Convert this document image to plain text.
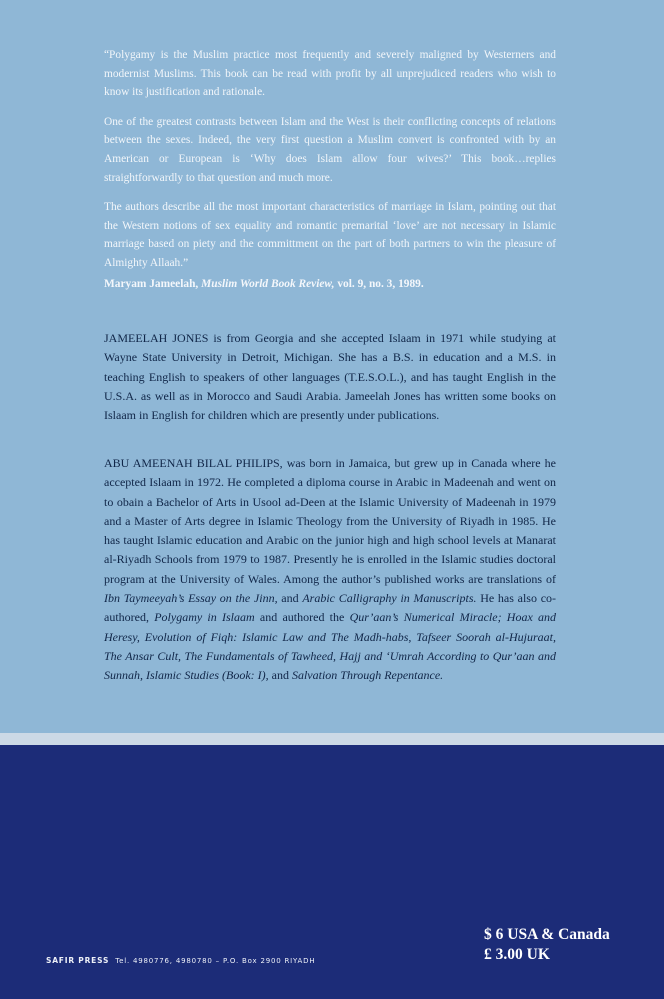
“Polygamy is the Muslim practice most frequently and severely maligned by Westerners and modernist Muslims. This book can be read with profit by all unprejudiced readers who wish to know its justification and rationale.

One of the greatest contrasts between Islam and the West is their conflicting concepts of relations between the sexes. Indeed, the very first question a Muslim convert is confronted with by an American or European is ‘Why does Islam allow four wives?’ This book…replies straightforwardly to that question and much more.

The authors describe all the most important characteristics of marriage in Islam, pointing out that the Western notions of sex equality and romantic premarital ‘love’ are not necessary in Islamic marriage based on piety and the committment on the part of both partners to win the pleasure of Almighty Allaah.”

Maryam Jameelah, Muslim World Book Review, vol. 9, no. 3, 1989.
JAMEELAH JONES is from Georgia and she accepted Islaam in 1971 while studying at Wayne State University in Detroit, Michigan. She has a B.S. in education and a M.S. in teaching English to speakers of other languages (T.E.S.O.L.), and has taught English in the U.S.A. as well as in Morocco and Saudi Arabia. Jameelah Jones has written some books on Islaam in English for children which are presently under publications.
ABU AMEENAH BILAL PHILIPS, was born in Jamaica, but grew up in Canada where he accepted Islaam in 1972. He completed a diploma course in Arabic in Madeenah and went on to obain a Bachelor of Arts in Usool ad-Deen at the Islamic University of Madeenah in 1979 and a Master of Arts degree in Islamic Theology from the University of Riyadh in 1985. He has taught Islamic education and Arabic on the junior high and high school levels at Manarat al-Riyadh Schools from 1979 to 1987. Presently he is enrolled in the Islamic studies doctoral program at the University of Wales. Among the author’s published works are translations of Ibn Taymeeyah’s Essay on the Jinn, and Arabic Calligraphy in Manuscripts. He has also co-authored, Polygamy in Islaam and authored the Qur’aan’s Numerical Miracle; Hoax and Heresy, Evolution of Fiqh: Islamic Law and The Madh-habs, Tafseer Soorah al-Hujuraat, The Ansar Cult, The Fundamentals of Tawheed, Hajj and ‘Umrah According to Qur’aan and Sunnah, Islamic Studies (Book: I), and Salvation Through Repentance.
SAFIR PRESS Tel. 4980776, 4980780 – P.O. Box 2900 RIYADH
$ 6 USA & Canada
£ 3.00 UK
